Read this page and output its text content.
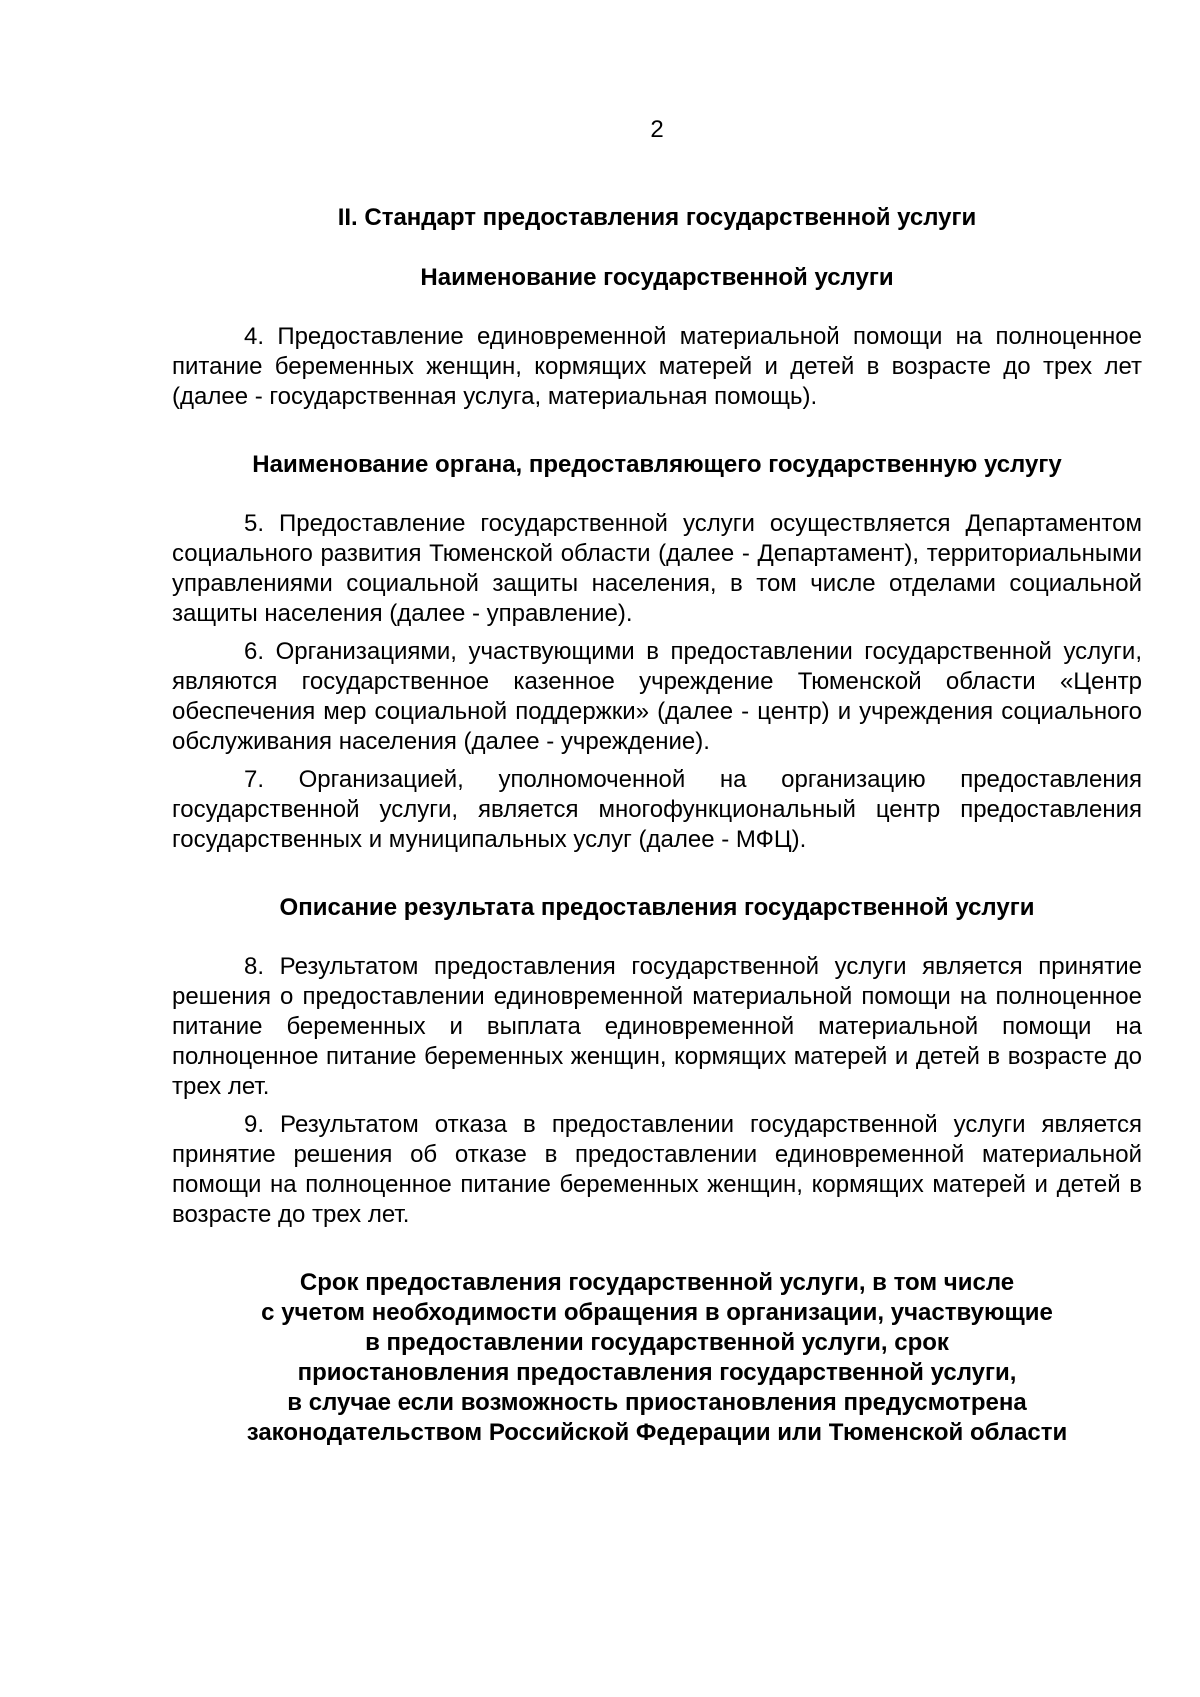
2
II. Стандарт предоставления государственной услуги
Наименование государственной услуги

4. Предоставление единовременной материальной помощи на полноценное питание беременных женщин, кормящих матерей и детей в возрасте до трех лет (далее - государственная услуга, материальная помощь).

Наименование органа, предоставляющего государственную услугу

5. Предоставление государственной услуги осуществляется Департаментом социального развития Тюменской области (далее - Департамент), территориальными управлениями социальной защиты населения, в том числе отделами социальной защиты населения (далее - управление).

6. Организациями, участвующими в предоставлении государственной услуги, являются государственное казенное учреждение Тюменской области «Центр обеспечения мер социальной поддержки» (далее - центр) и учреждения социального обслуживания населения (далее - учреждение).

7. Организацией, уполномоченной на организацию предоставления государственной услуги, является многофункциональный центр предоставления государственных и муниципальных услуг (далее - МФЦ).

Описание результата предоставления государственной услуги

8. Результатом предоставления государственной услуги является принятие решения о предоставлении единовременной материальной помощи на полноценное питание беременных и выплата единовременной материальной помощи на полноценное питание беременных женщин, кормящих матерей и детей в возрасте до трех лет.

9. Результатом отказа в предоставлении государственной услуги является принятие решения об отказе в предоставлении единовременной материальной помощи на полноценное питание беременных женщин, кормящих матерей и детей в возрасте до трех лет.

Срок предоставления государственной услуги, в том числе
с учетом необходимости обращения в организации, участвующие
в предоставлении государственной услуги, срок
приостановления предоставления государственной услуги,
в случае если возможность приостановления предусмотрена
законодательством Российской Федерации или Тюменской области
